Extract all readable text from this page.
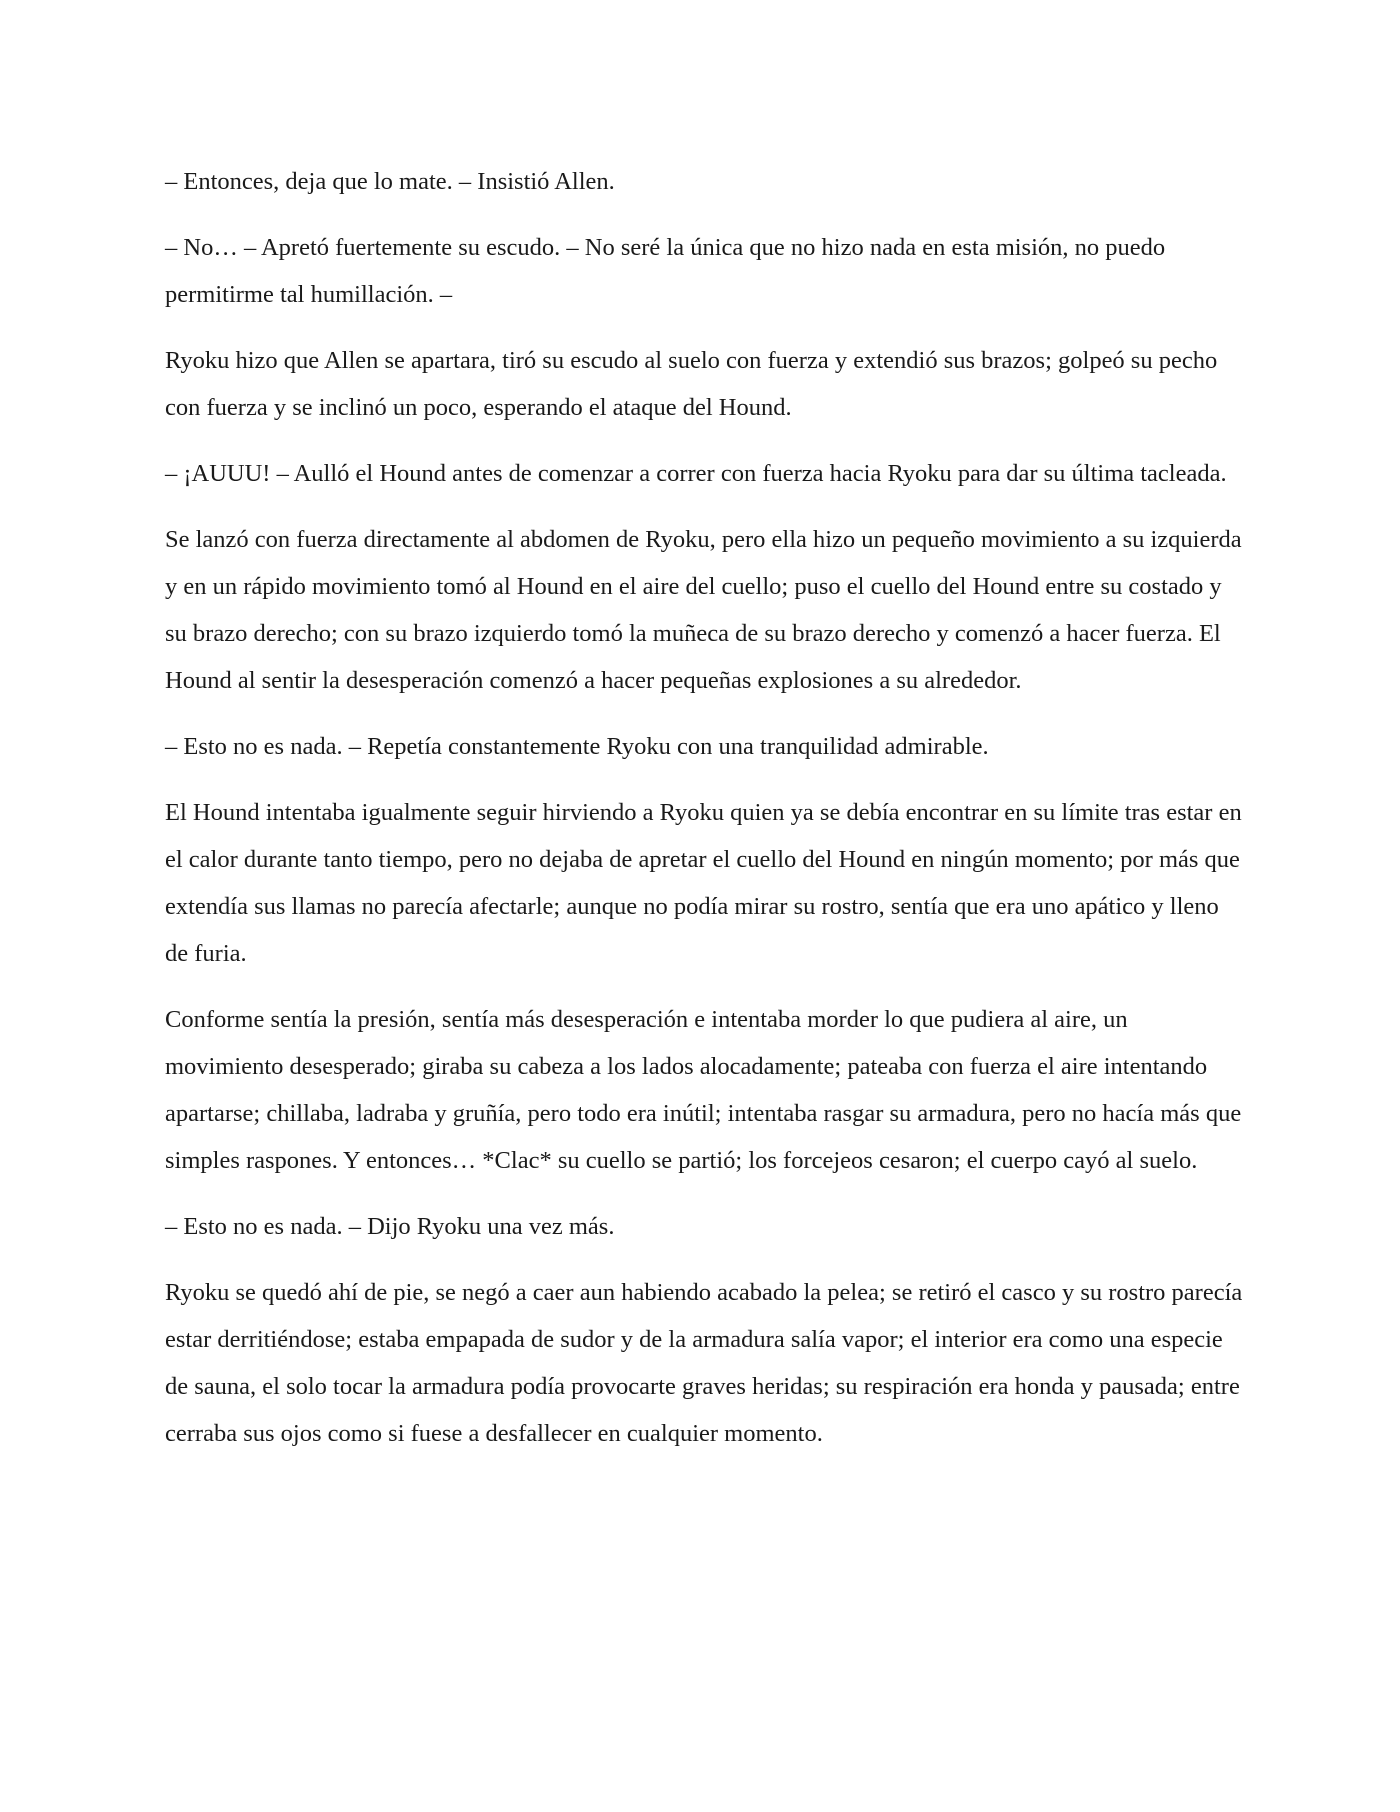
– Entonces, deja que lo mate. – Insistió Allen.

– No… – Apretó fuertemente su escudo. – No seré la única que no hizo nada en esta misión, no puedo permitirme tal humillación. –

Ryoku hizo que Allen se apartara, tiró su escudo al suelo con fuerza y extendió sus brazos; golpeó su pecho con fuerza y se inclinó un poco, esperando el ataque del Hound.

– ¡AUUU! – Aulló el Hound antes de comenzar a correr con fuerza hacia Ryoku para dar su última tacleada.

Se lanzó con fuerza directamente al abdomen de Ryoku, pero ella hizo un pequeño movimiento a su izquierda y en un rápido movimiento tomó al Hound en el aire del cuello; puso el cuello del Hound entre su costado y su brazo derecho; con su brazo izquierdo tomó la muñeca de su brazo derecho y comenzó a hacer fuerza. El Hound al sentir la desesperación comenzó a hacer pequeñas explosiones a su alrededor.

– Esto no es nada. – Repetía constantemente Ryoku con una tranquilidad admirable.

El Hound intentaba igualmente seguir hirviendo a Ryoku quien ya se debía encontrar en su límite tras estar en el calor durante tanto tiempo, pero no dejaba de apretar el cuello del Hound en ningún momento; por más que extendía sus llamas no parecía afectarle; aunque no podía mirar su rostro, sentía que era uno apático y lleno de furia.

Conforme sentía la presión, sentía más desesperación e intentaba morder lo que pudiera al aire, un movimiento desesperado; giraba su cabeza a los lados alocadamente; pateaba con fuerza el aire intentando apartarse; chillaba, ladraba y gruñía, pero todo era inútil; intentaba rasgar su armadura, pero no hacía más que simples raspones. Y entonces… *Clac* su cuello se partió; los forcejeos cesaron; el cuerpo cayó al suelo.

– Esto no es nada. – Dijo Ryoku una vez más.

Ryoku se quedó ahí de pie, se negó a caer aun habiendo acabado la pelea; se retiró el casco y su rostro parecía estar derritiéndose; estaba empapada de sudor y de la armadura salía vapor; el interior era como una especie de sauna, el solo tocar la armadura podía provocarte graves heridas; su respiración era honda y pausada; entre cerraba sus ojos como si fuese a desfallecer en cualquier momento.
